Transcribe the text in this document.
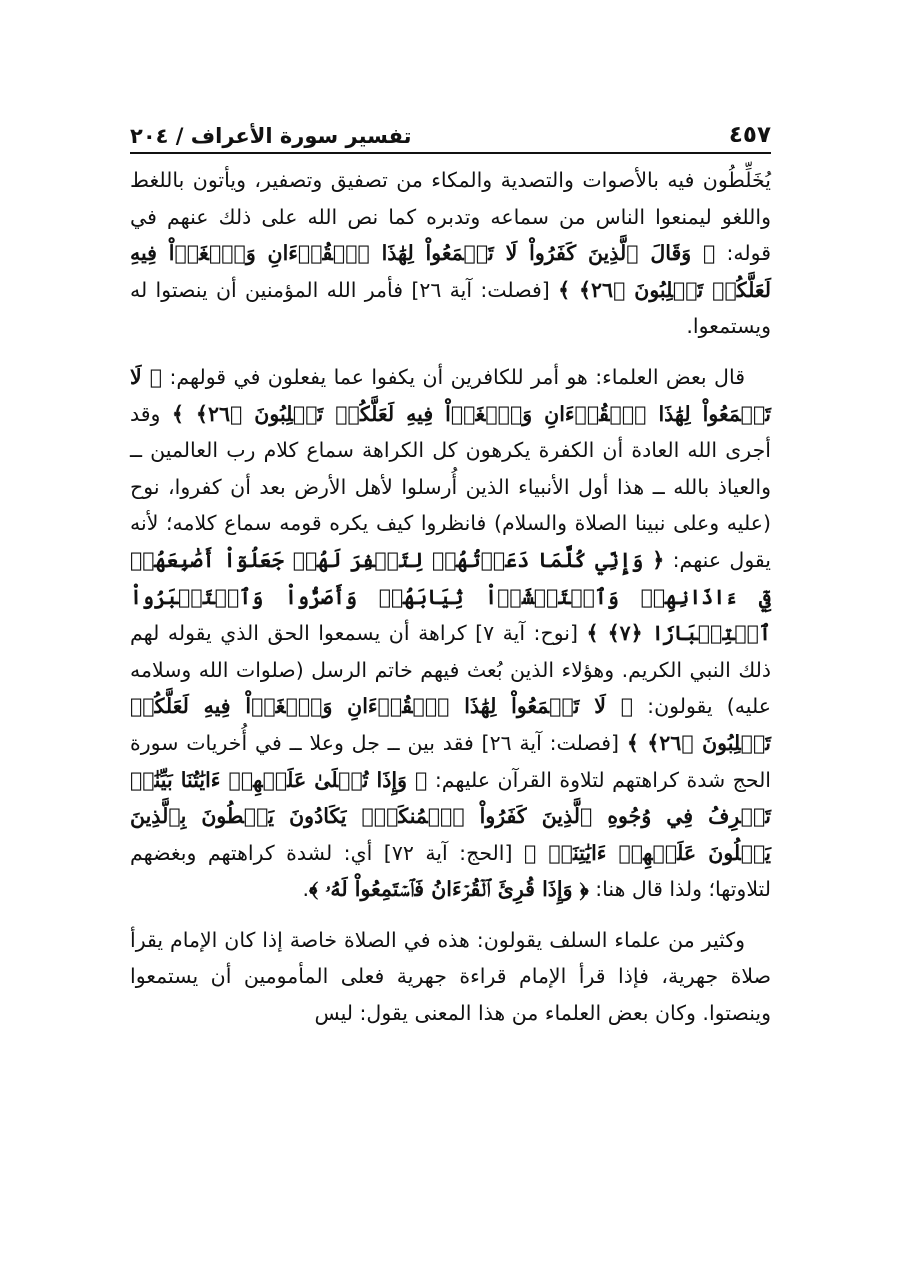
تفسير سورة الأعراف / ٢٠٤	٤٥٧

يُخَلِّطُون فيه بالأصوات والتصدية والمكاء من تصفيق وتصفير، ويأتون باللغط واللغو ليمنعوا الناس من سماعه وتدبره كما نص الله على ذلك عنهم في قوله: ﴿ وَقَالَ ٱلَّذِينَ كَفَرُواْ لَا تَسۡمَعُواْ لِهَٰذَا ٱلۡقُرۡءَانِ وَٱلۡغَوۡاْ فِيهِ لَعَلَّكُمۡ تَغۡلِبُونَ ﴿٢٦﴾ ﴾ [فصلت: آية ٢٦] فأمر الله المؤمنين أن ينصتوا له ويستمعوا.

قال بعض العلماء: هو أمر للكافرين أن يكفوا عما يفعلون في قولهم: ﴿ لَا تَسۡمَعُواْ لِهَٰذَا ٱلۡقُرۡءَانِ وَٱلۡغَوۡاْ فِيهِ لَعَلَّكُمۡ تَغۡلِبُونَ ﴿٢٦﴾ ﴾ وقد أجرى الله العادة أن الكفرة يكرهون كل الكراهة سماع كلام رب العالمين ــ والعياذ بالله ــ هذا أول الأنبياء الذين أُرسلوا لأهل الأرض بعد أن كفروا، نوح (عليه وعلى نبينا الصلاة والسلام) فانظروا كيف يكره قومه سماع كلامه؛ لأنه يقول عنهم: ﴿ وَإِنِّي كُلَّمَا دَعَوۡتُهُمۡ لِتَغۡفِرَ لَهُمۡ جَعَلُوٓاْ أَصَٰبِعَهُمۡ فِيٓ ءَاذَانِهِمۡ وَٱسۡتَغۡشَوۡاْ ثِيَابَهُمۡ وَأَصَرُّواْ وَٱسۡتَكۡبَرُواْ ٱسۡتِكۡبَارٗا ﴿٧﴾ ﴾ [نوح: آية ٧] كراهة أن يسمعوا الحق الذي يقوله لهم ذلك النبي الكريم. وهؤلاء الذين بُعث فيهم خاتم الرسل (صلوات الله وسلامه عليه) يقولون: ﴿ لَا تَسۡمَعُواْ لِهَٰذَا ٱلۡقُرۡءَانِ وَٱلۡغَوۡاْ فِيهِ لَعَلَّكُمۡ تَغۡلِبُونَ ﴿٢٦﴾ ﴾ [فصلت: آية ٢٦] فقد بين ــ جل وعلا ــ في أُخريات سورة الحج شدة كراهتهم لتلاوة القرآن عليهم: ﴿ وَإِذَا تُتۡلَىٰ عَلَيۡهِمۡ ءَايَٰتُنَا بَيِّنَٰتٖ تَعۡرِفُ فِي وُجُوهِ ٱلَّذِينَ كَفَرُواْ ٱلۡمُنكَرَۖ يَكَادُونَ يَسۡطُونَ بِٱلَّذِينَ يَتۡلُونَ عَلَيۡهِمۡ ءَايَٰتِنَاۗ ﴾ [الحج: آية ٧٢] أي: لشدة كراهتهم وبغضهم لتلاوتها؛ ولذا قال هنا: ﴿ وَإِذَا قُرِئَ ٱلۡقُرۡءَانُ فَٱسۡتَمِعُواْ لَهُۥ ﴾.

وكثير من علماء السلف يقولون: هذه في الصلاة خاصة إذا كان الإمام يقرأ صلاة جهرية، فإذا قرأ الإمام قراءة جهرية فعلى المأمومين أن يستمعوا وينصتوا. وكان بعض العلماء من هذا المعنى يقول: ليس
